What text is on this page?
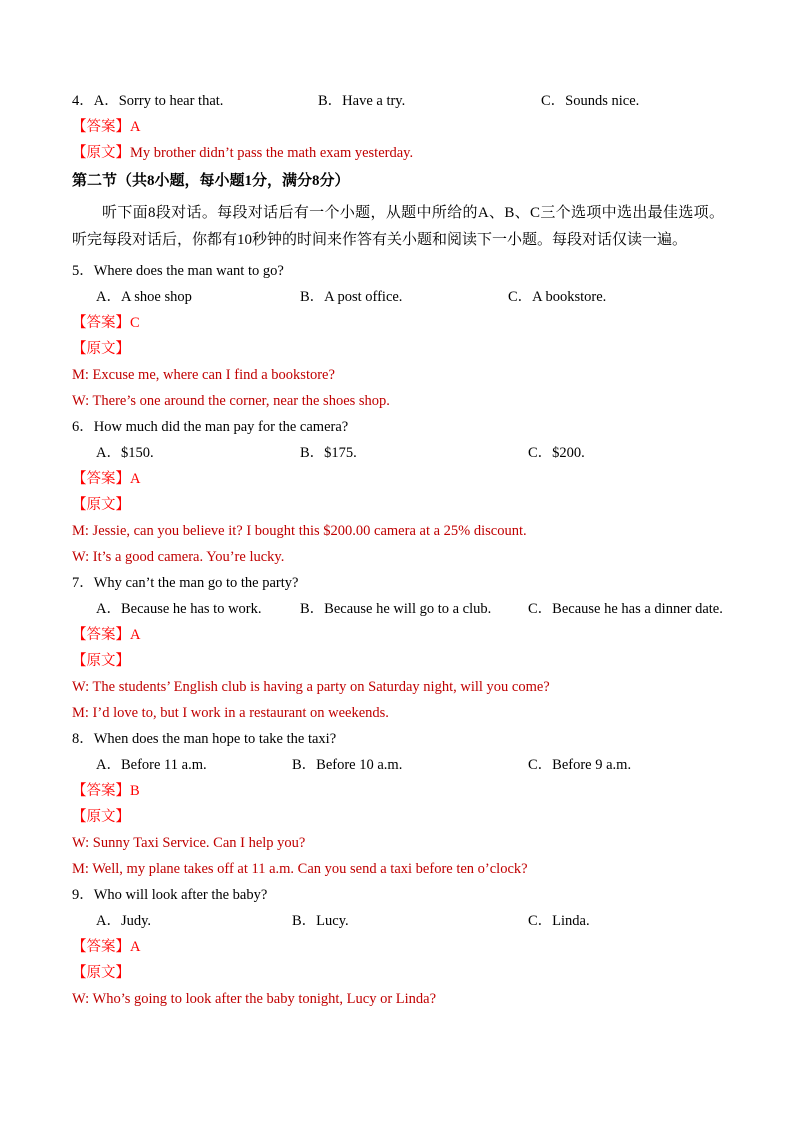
4．A．Sorry to hear that.	B．Have a try.	C．Sounds nice.
【答案】A
【原文】My brother didn’t pass the math exam yesterday.
第二节（共8小题，每小题1分，满分8分）
听下面8段对话。每段对话后有一个小题，从题中所给的A、B、C三个选项中选出最佳选项。听完每段对话后，你都有10秒钟的时间来作答有关小题和阅读下一小题。每段对话仅读一遍。
5．Where does the man want to go?
A．A shoe shop	B．A post office.	C．A bookstore.
【答案】C
【原文】
M: Excuse me, where can I find a bookstore?
W: There’s one around the corner, near the shoes shop.
6．How much did the man pay for the camera?
A．$150.	B．$175.	C．$200.
【答案】A
【原文】
M: Jessie, can you believe it? I bought this $200.00 camera at a 25% discount.
W: It’s a good camera. You’re lucky.
7．Why can’t the man go to the party?
A．Because he has to work.	B．Because he will go to a club.	C．Because he has a dinner date.
【答案】A
【原文】
W: The students’ English club is having a party on Saturday night, will you come?
M: I’d love to, but I work in a restaurant on weekends.
8．When does the man hope to take the taxi?
A．Before 11 a.m.	B．Before 10 a.m.	C．Before 9 a.m.
【答案】B
【原文】
W: Sunny Taxi Service. Can I help you?
M: Well, my plane takes off at 11 a.m. Can you send a taxi before ten o’clock?
9．Who will look after the baby?
A．Judy.	B．Lucy.	C．Linda.
【答案】A
【原文】
W: Who’s going to look after the baby tonight, Lucy or Linda?
